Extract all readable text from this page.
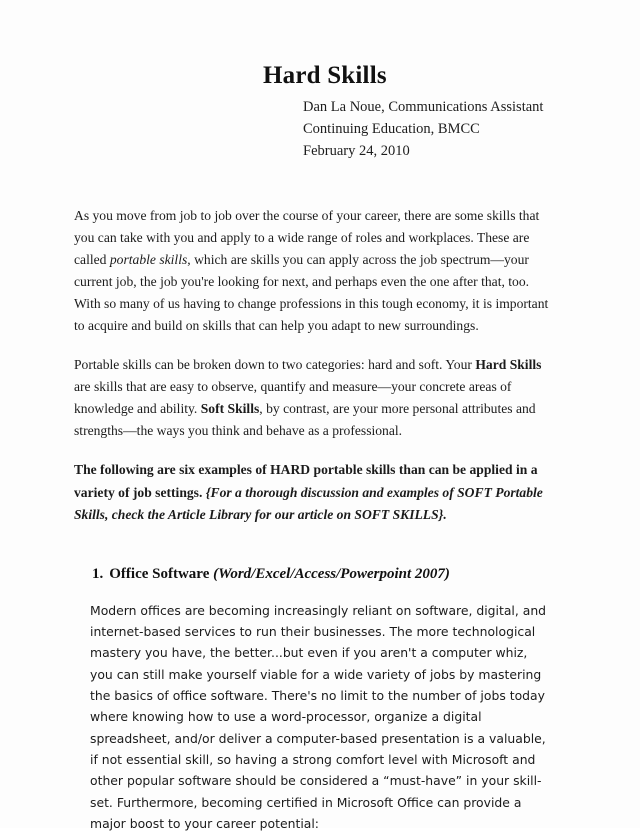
Hard Skills
Dan La Noue, Communications Assistant
Continuing Education, BMCC
February 24, 2010

As you move from job to job over the course of your career, there are some skills that you can take with you and apply to a wide range of roles and workplaces. These are called portable skills, which are skills you can apply across the job spectrum—your current job, the job you're looking for next, and perhaps even the one after that, too. With so many of us having to change professions in this tough economy, it is important to acquire and build on skills that can help you adapt to new surroundings.

Portable skills can be broken down to two categories: hard and soft. Your Hard Skills are skills that are easy to observe, quantify and measure—your concrete areas of knowledge and ability. Soft Skills, by contrast, are your more personal attributes and strengths—the ways you think and behave as a professional.

The following are six examples of HARD portable skills than can be applied in a variety of job settings. {For a thorough discussion and examples of SOFT Portable Skills, check the Article Library for our article on SOFT SKILLS}.

1. Office Software (Word/Excel/Access/Powerpoint 2007)

Modern offices are becoming increasingly reliant on software, digital, and internet-based services to run their businesses. The more technological mastery you have, the better...but even if you aren't a computer whiz, you can still make yourself viable for a wide variety of jobs by mastering the basics of office software. There's no limit to the number of jobs today where knowing how to use a word-processor, organize a digital spreadsheet, and/or deliver a computer-based presentation is a valuable, if not essential skill, so having a strong comfort level with Microsoft and other popular software should be considered a “must-have” in your skill-set. Furthermore, becoming certified in Microsoft Office can provide a major boost to your career potential:
